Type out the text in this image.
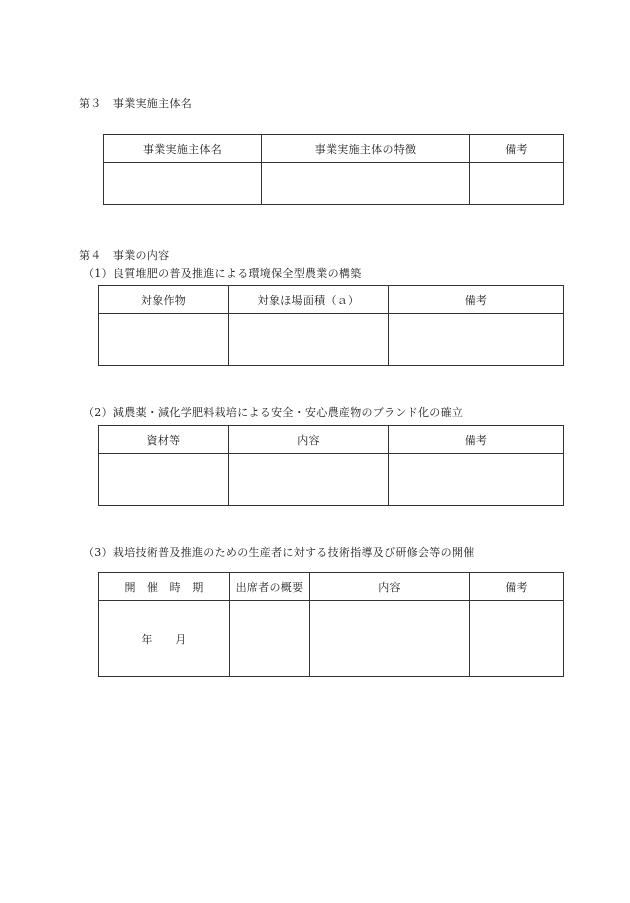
第３　事業実施主体名
事業実施主体名	事業実施主体の特徴	備考

第４　事業の内容
（1）良質堆肥の普及推進による環境保全型農業の構築
対象作物	対象ほ場面積（ａ）	備考

（2）減農薬・減化学肥料栽培による安全・安心農産物のブランド化の確立
資材等	内容	備考

（3）栽培技術普及推進のための生産者に対する技術指導及び研修会等の開催
開　催　時　期	出席者の概要	内容	備考
年　　月			
